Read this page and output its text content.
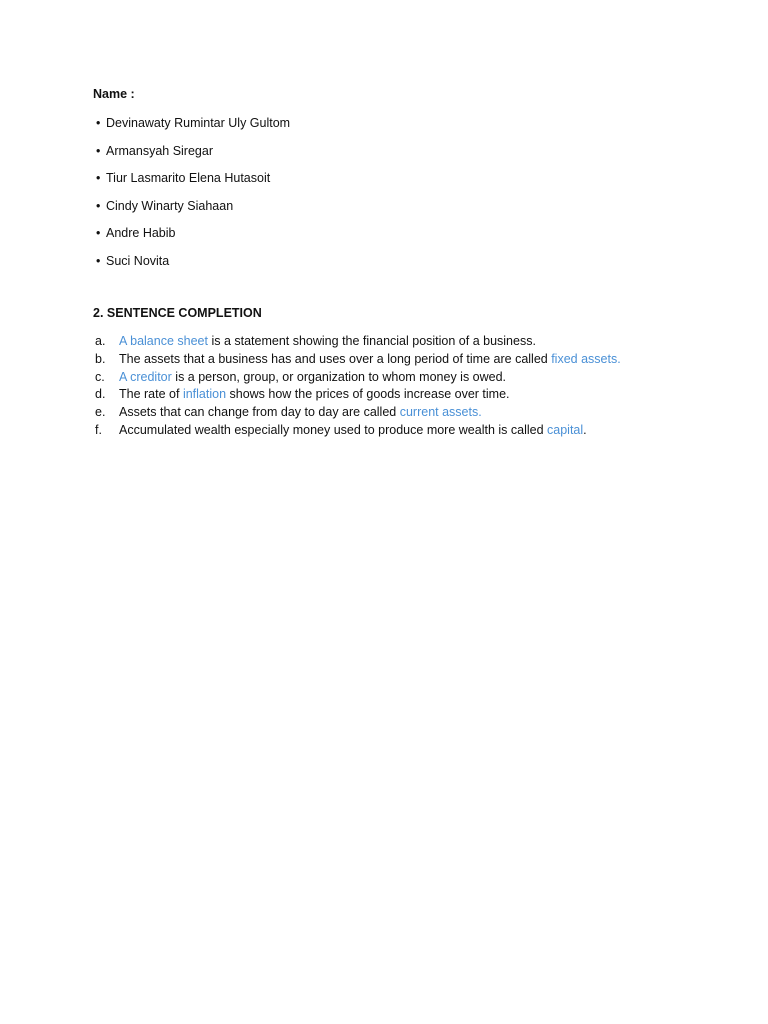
Name :
• Devinawaty Rumintar Uly Gultom
• Armansyah Siregar
• Tiur Lasmarito Elena Hutasoit
• Cindy Winarty Siahaan
• Andre Habib
• Suci Novita
2. SENTENCE COMPLETION
a. A balance sheet is a statement showing the financial position of a business.
b. The assets that a business has and uses over a long period of time are called fixed assets.
c. A creditor is a person, group, or organization to whom money is owed.
d. The rate of inflation shows how the prices of goods increase over time.
e. Assets that can change from day to day are called current assets.
f. Accumulated wealth especially money used to produce more wealth is called capital.
